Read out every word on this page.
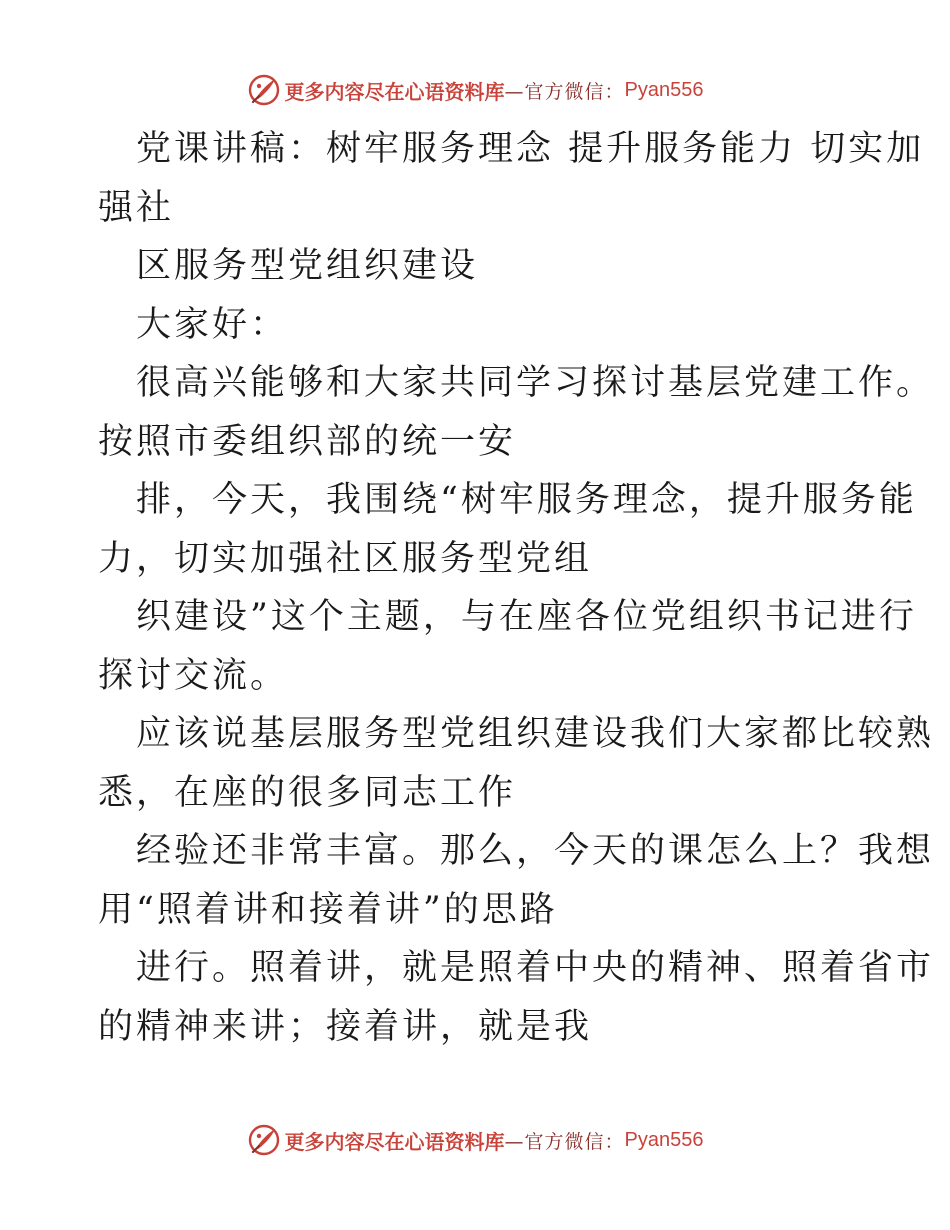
更多内容尽在心语资料库 —官方微信： Pyan556

党课讲稿：树牢服务理念 提升服务能力 切实加

强社

区服务型党组织建设

大家好：

很高兴能够和大家共同学习探讨基层党建工作。

按照市委组织部的统一安

排，今天，我围绕“树牢服务理念，提升服务能

力，切实加强社区服务型党组

织建设”这个主题，与在座各位党组织书记进行

探讨交流。

应该说基层服务型党组织建设我们大家都比较熟

悉，在座的很多同志工作

经验还非常丰富。那么，今天的课怎么上？我想

用“照着讲和接着讲”的思路

进行。照着讲，就是照着中央的精神、照着省市

的精神来讲；接着讲，就是我

更多内容尽在心语资料库 —官方微信： Pyan556
